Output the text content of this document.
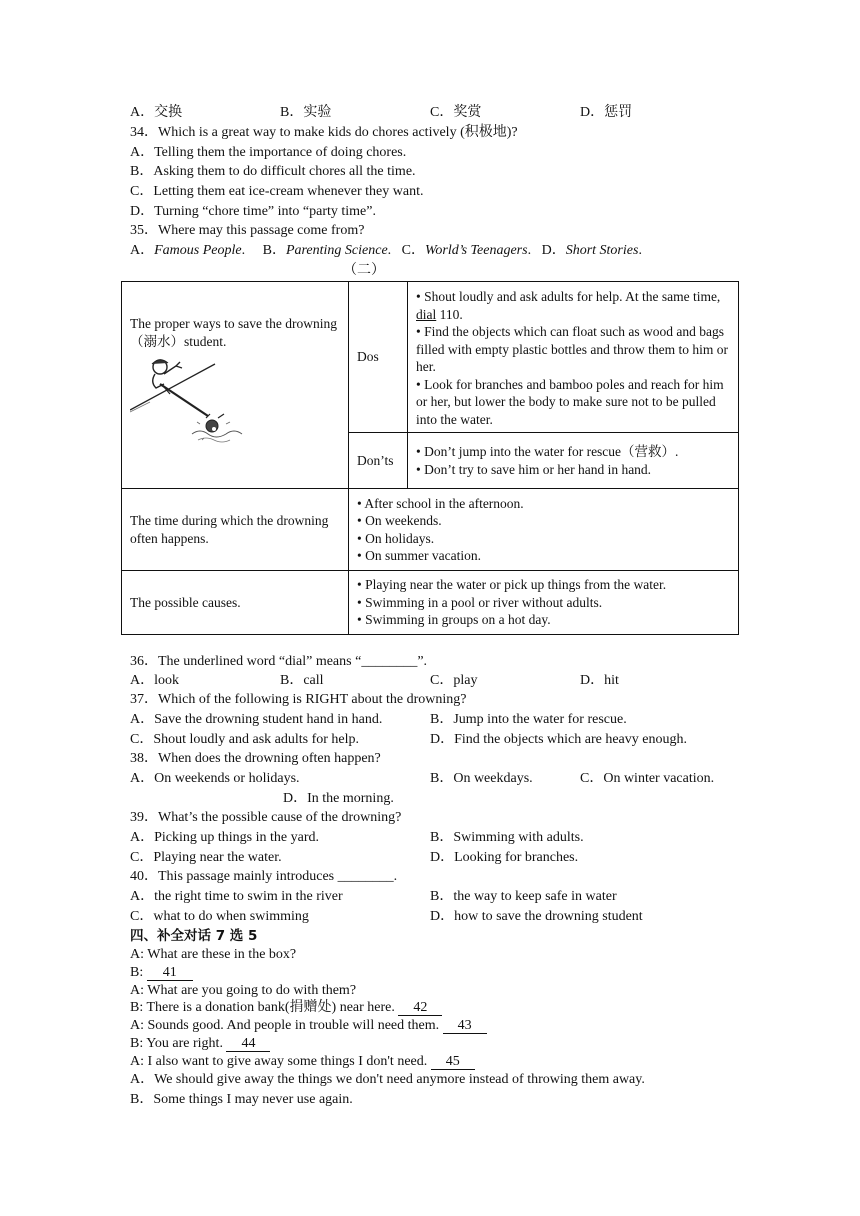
A．交换	B．实验	C．奖赏	D．惩罚
34．Which is a great way to make kids do chores actively (积极地)?
A．Telling them the importance of doing chores.
B．Asking them to do difficult chores all the time.
C．Letting them eat ice-cream whenever they want.
D．Turning “chore time” into “party time”.
35．Where may this passage come from?
A．Famous People. B．Parenting Science. C．World’s Teenagers. D．Short Stories.
（二）
The proper ways to save the drowning（溺水）student.	Dos	• Shout loudly and ask adults for help. At the same time, dial 110.
• Find the objects which can float such as wood and bags filled with empty plastic bottles and throw them to him or her.
• Look for branches and bamboo poles and reach for him or her, but lower the body to make sure not to be pulled into the water.

	Don’ts	• Don’t jump into the water for rescue（营救）.
• Don’t try to save him or her hand in hand.

The time during which the drowning often happens.	• After school in the afternoon.
• On weekends.
• On holidays.
• On summer vacation.	

The possible causes.	• Playing near the water or pick up things from the water.
• Swimming in a pool or river without adults.
• Swimming in groups on a hot day.	
36．The underlined word “dial” means “________”.
A．look	B．call	C．play	D．hit
37．Which of the following is RIGHT about the drowning?
A．Save the drowning student hand in hand.	B．Jump into the water for rescue.
C．Shout loudly and ask adults for help.	D．Find the objects which are heavy enough.
38．When does the drowning often happen?
A．On weekends or holidays.	B．On weekdays.	C．On winter vacation.
D．In the morning.
39．What’s the possible cause of the drowning?
A．Picking up things in the yard.	B．Swimming with adults.
C．Playing near the water.	D．Looking for branches.
40．This passage mainly introduces ________.
A．the right time to swim in the river	B．the way to keep safe in water
C．what to do when swimming	D．how to save the drowning student
四、补全对话 7 选 5
A: What are these in the box?
B: 41
A: What are you going to do with them?
B: There is a donation bank(捐赠处) near here. 42
A: Sounds good. And people in trouble will need them. 43
B: You are right. 44
A: I also want to give away some things I don't need. 45
A．We should give away the things we don't need anymore instead of throwing them away.
B．Some things I may never use again.
